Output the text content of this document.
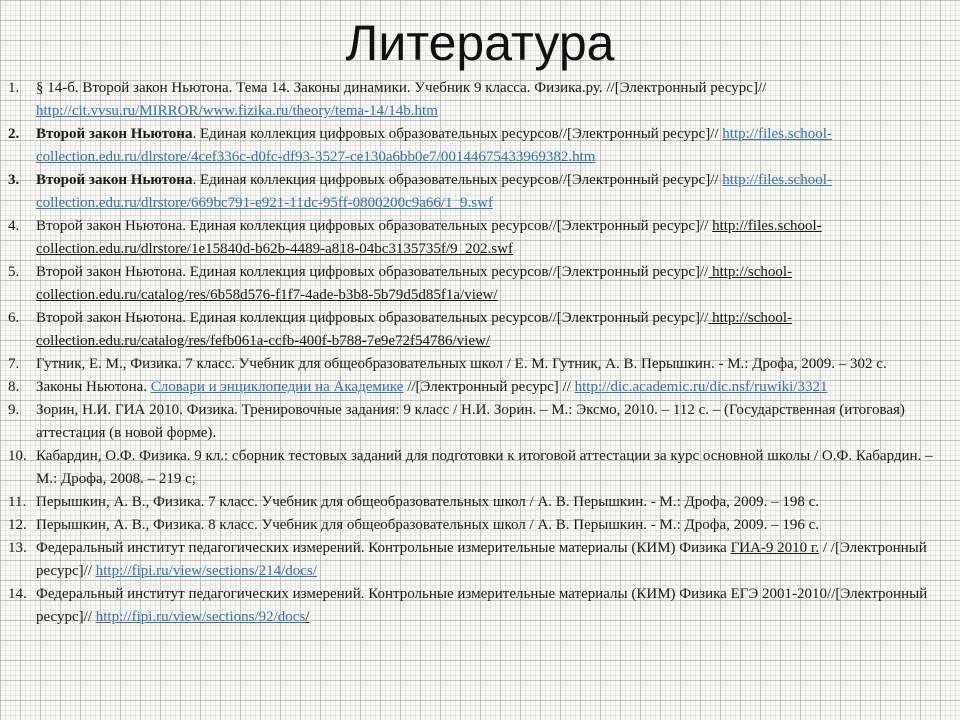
Литература
1.	§ 14-б. Второй закон Ньютона. Тема 14. Законы динамики. Учебник 9 класса. Физика.ру. //[Электронный ресурс]// http://cit.vvsu.ru/MIRROR/www.fizika.ru/theory/tema-14/14b.htm
2.	Второй закон Ньютона. Единая коллекция цифровых образовательных ресурсов//[Электронный ресурс]// http://files.school-collection.edu.ru/dlrstore/4cef336c-d0fc-df93-3527-ce130a6bb0e7/00144675433969382.htm
3.	Второй закон Ньютона. Единая коллекция цифровых образовательных ресурсов//[Электронный ресурс]// http://files.school-collection.edu.ru/dlrstore/669bc791-e921-11dc-95ff-0800200c9a66/1_9.swf
4.	Второй закон Ньютона. Единая коллекция цифровых образовательных ресурсов//[Электронный ресурс]// http://files.school-collection.edu.ru/dlrstore/1e15840d-b62b-4489-a818-04bc3135735f/9_202.swf
5.	Второй закон Ньютона. Единая коллекция цифровых образовательных ресурсов//[Электронный ресурс]// http://school-collection.edu.ru/catalog/res/6b58d576-f1f7-4ade-b3b8-5b79d5d85f1a/view/
6.	Второй закон Ньютона. Единая коллекция цифровых образовательных ресурсов//[Электронный ресурс]// http://school-collection.edu.ru/catalog/res/fefb061a-ccfb-400f-b788-7e9e72f54786/view/
7.	Гутник, Е. М., Физика. 7 класс. Учебник для общеобразовательных школ / Е. М. Гутник, А. В. Перышкин. - М.: Дрофа, 2009. – 302 с.
8.	Законы Ньютона. Словари и энциклопедии на Академике //[Электронный ресурс] // http://dic.academic.ru/dic.nsf/ruwiki/3321
9.	Зорин, Н.И. ГИА 2010. Физика. Тренировочные задания: 9 класс / Н.И. Зорин. – М.: Эксмо, 2010. – 112 с. – (Государственная (итоговая) аттестация (в новой форме).
10. Кабардин, О.Ф. Физика. 9 кл.: сборник тестовых заданий для подготовки к итоговой аттестации за курс основной школы / О.Ф. Кабардин. – М.: Дрофа, 2008. – 219 с;
11. Перышкин, А. В., Физика. 7 класс. Учебник для общеобразовательных школ / А. В. Перышкин. - М.: Дрофа, 2009. – 198 с.
12. Перышкин, А. В., Физика. 8 класс. Учебник для общеобразовательных школ / А. В. Перышкин. - М.: Дрофа, 2009. – 196 с.
13. Федеральный институт педагогических измерений. Контрольные измерительные материалы (КИМ) Физика ГИА-9 2010 г. / /[Электронный ресурс]// http://fipi.ru/view/sections/214/docs/
14. Федеральный институт педагогических измерений. Контрольные измерительные материалы (КИМ) Физика ЕГЭ 2001-2010//[Электронный ресурс]// http://fipi.ru/view/sections/92/docs/
